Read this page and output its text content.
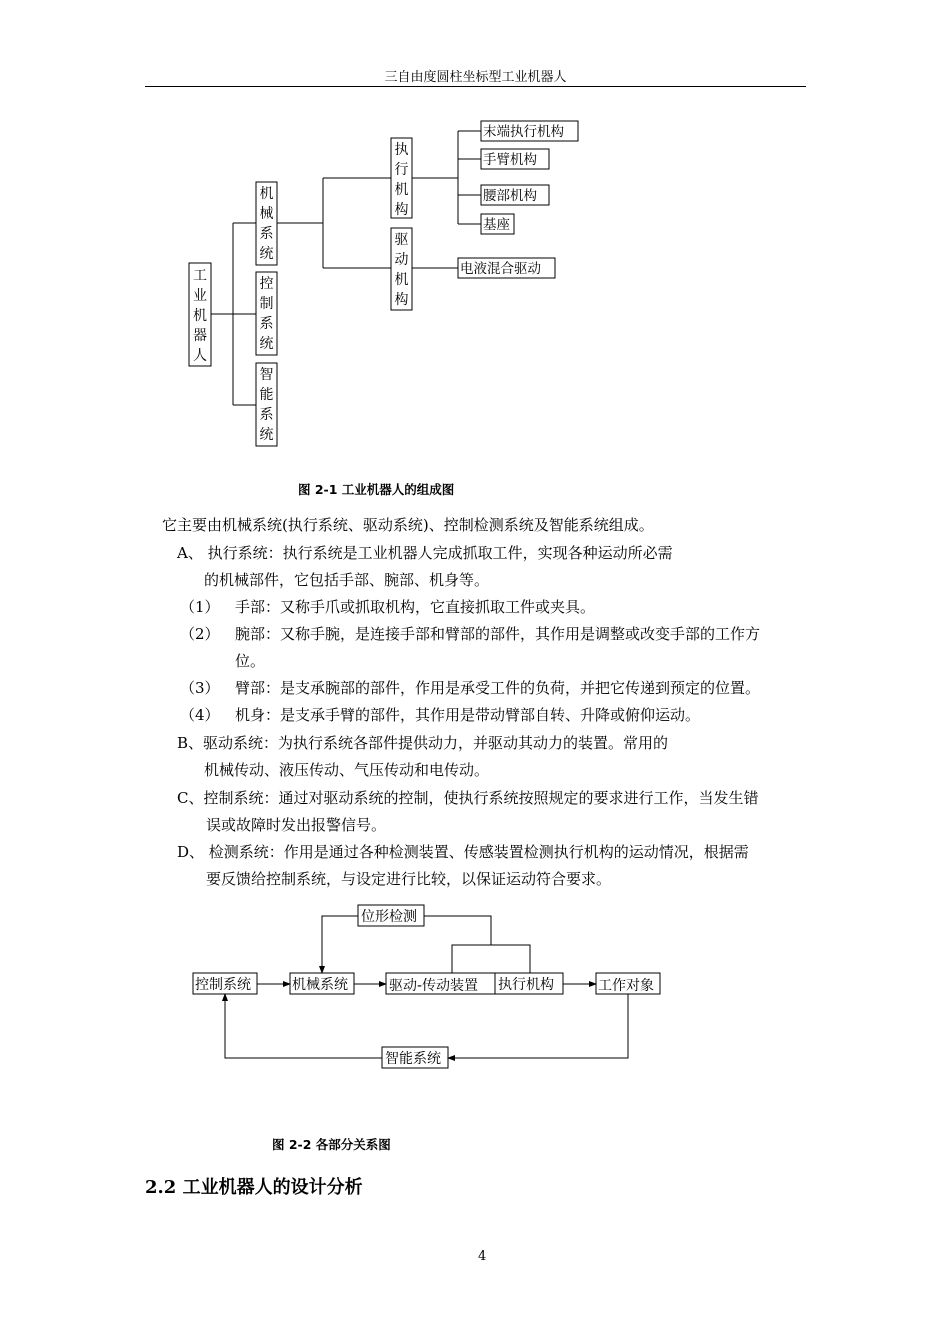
三自由度圆柱坐标型工业机器人
工业机器人
机械系统
控制系统
智能系统
执行机构
驱动机构
末端执行机构
手臂机构
腰部机构
基座
电液混合驱动
图 2-1 工业机器人的组成图
它主要由机械系统(执行系统、驱动系统)、控制检测系统及智能系统组成。
A、 执行系统：执行系统是工业机器人完成抓取工件，实现各种运动所必需
的机械部件，它包括手部、腕部、机身等。
（1） 手部：又称手爪或抓取机构，它直接抓取工件或夹具。
（2） 腕部：又称手腕，是连接手部和臂部的部件，其作用是调整或改变手部的工作方
位。
（3） 臂部：是支承腕部的部件，作用是承受工件的负荷，并把它传递到预定的位置。
（4） 机身：是支承手臂的部件，其作用是带动臂部自转、升降或俯仰运动。
B、驱动系统：为执行系统各部件提供动力，并驱动其动力的装置。常用的
机械传动、液压传动、气压传动和电传动。
C、控制系统：通过对驱动系统的控制，使执行系统按照规定的要求进行工作，当发生错
误或故障时发出报警信号。
D、 检测系统：作用是通过各种检测装置、传感装置检测执行机构的运动情况，根据需
要反馈给控制系统，与设定进行比较，以保证运动符合要求。
控制系统	机械系统	驱动-传动装置 执行机构	工作对象
位形检测
智能系统
图 2-2 各部分关系图
2.2 工业机器人的设计分析
4
